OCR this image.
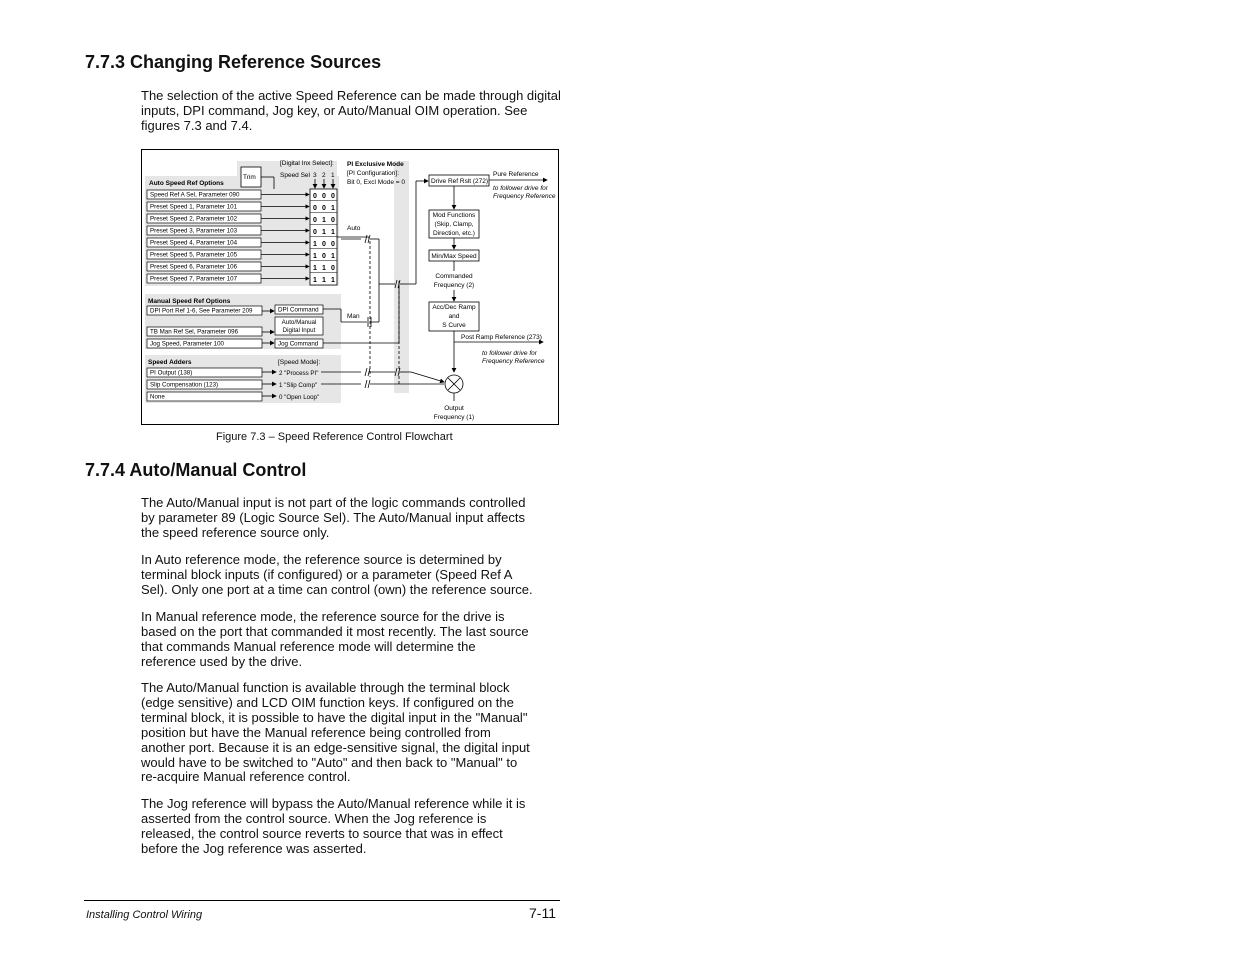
7.7.3 Changing Reference Sources

The selection of the active Speed Reference can be made through digital inputs, DPI command, Jog key, or Auto/Manual OIM operation. See figures 7.3 and 7.4.

Speed Ref A Sel, Parameter 090	0 0 0
Preset Speed 1, Parameter 101	0 0 1
Preset Speed 2, Parameter 102	0 1 0
Preset Speed 3, Parameter 103	0 1 1
Preset Speed 4, Parameter 104	1 0 0
Preset Speed 5, Parameter 105	1 0 1
Preset Speed 6, Parameter 106	1 1 0
Preset Speed 7, Parameter 107	1 1 1
DPI Port Ref 1-6, See Parameter 209
TB Man Ref Sel, Parameter 096
Jog Speed, Parameter 100
DPI Command
Auto/Manual
Digital Input
Jog Command
PI Output (138)	2 "Process PI"
Slip Compensation (123)	1 "Slip Comp"
None	0 "Open Loop"
Trim
[Digital Inx Select]:
Speed Sel 3 2 1
PI Exclusive Mode
[PI Configuration]:
Bit 0, Excl Mode = 0
Auto Speed Ref Options
Auto
Man
Manual Speed Ref Options
Speed Adders	[Speed Mode]:
Drive Ref Rslt (272)
Pure Reference
to follower drive for
Frequency Reference
Mod Functions
(Skip, Clamp,
Direction, etc.)
Min/Max Speed
Commanded
Frequency (2)
Acc/Dec Ramp
and
S Curve
Post Ramp Reference (273)
to follower drive for
Frequency Reference
Output
Frequency (1)
Figure 7.3 – Speed Reference Control Flowchart
7.7.4 Auto/Manual Control

The Auto/Manual input is not part of the logic commands controlled
by parameter 89 (Logic Source Sel). The Auto/Manual input affects
the speed reference source only.

In Auto reference mode, the reference source is determined by
terminal block inputs (if configured) or a parameter (Speed Ref A
Sel). Only one port at a time can control (own) the reference source.

In Manual reference mode, the reference source for the drive is
based on the port that commanded it most recently. The last source
that commands Manual reference mode will determine the
reference used by the drive.

The Auto/Manual function is available through the terminal block
(edge sensitive) and LCD OIM function keys. If configured on the
terminal block, it is possible to have the digital input in the "Manual"
position but have the Manual reference being controlled from
another port. Because it is an edge-sensitive signal, the digital input
would have to be switched to "Auto" and then back to "Manual" to
re-acquire Manual reference control.

The Jog reference will bypass the Auto/Manual reference while it is
asserted from the control source. When the Jog reference is
released, the control source reverts to source that was in effect
before the Jog reference was asserted.

Installing Control Wiring	7-11
